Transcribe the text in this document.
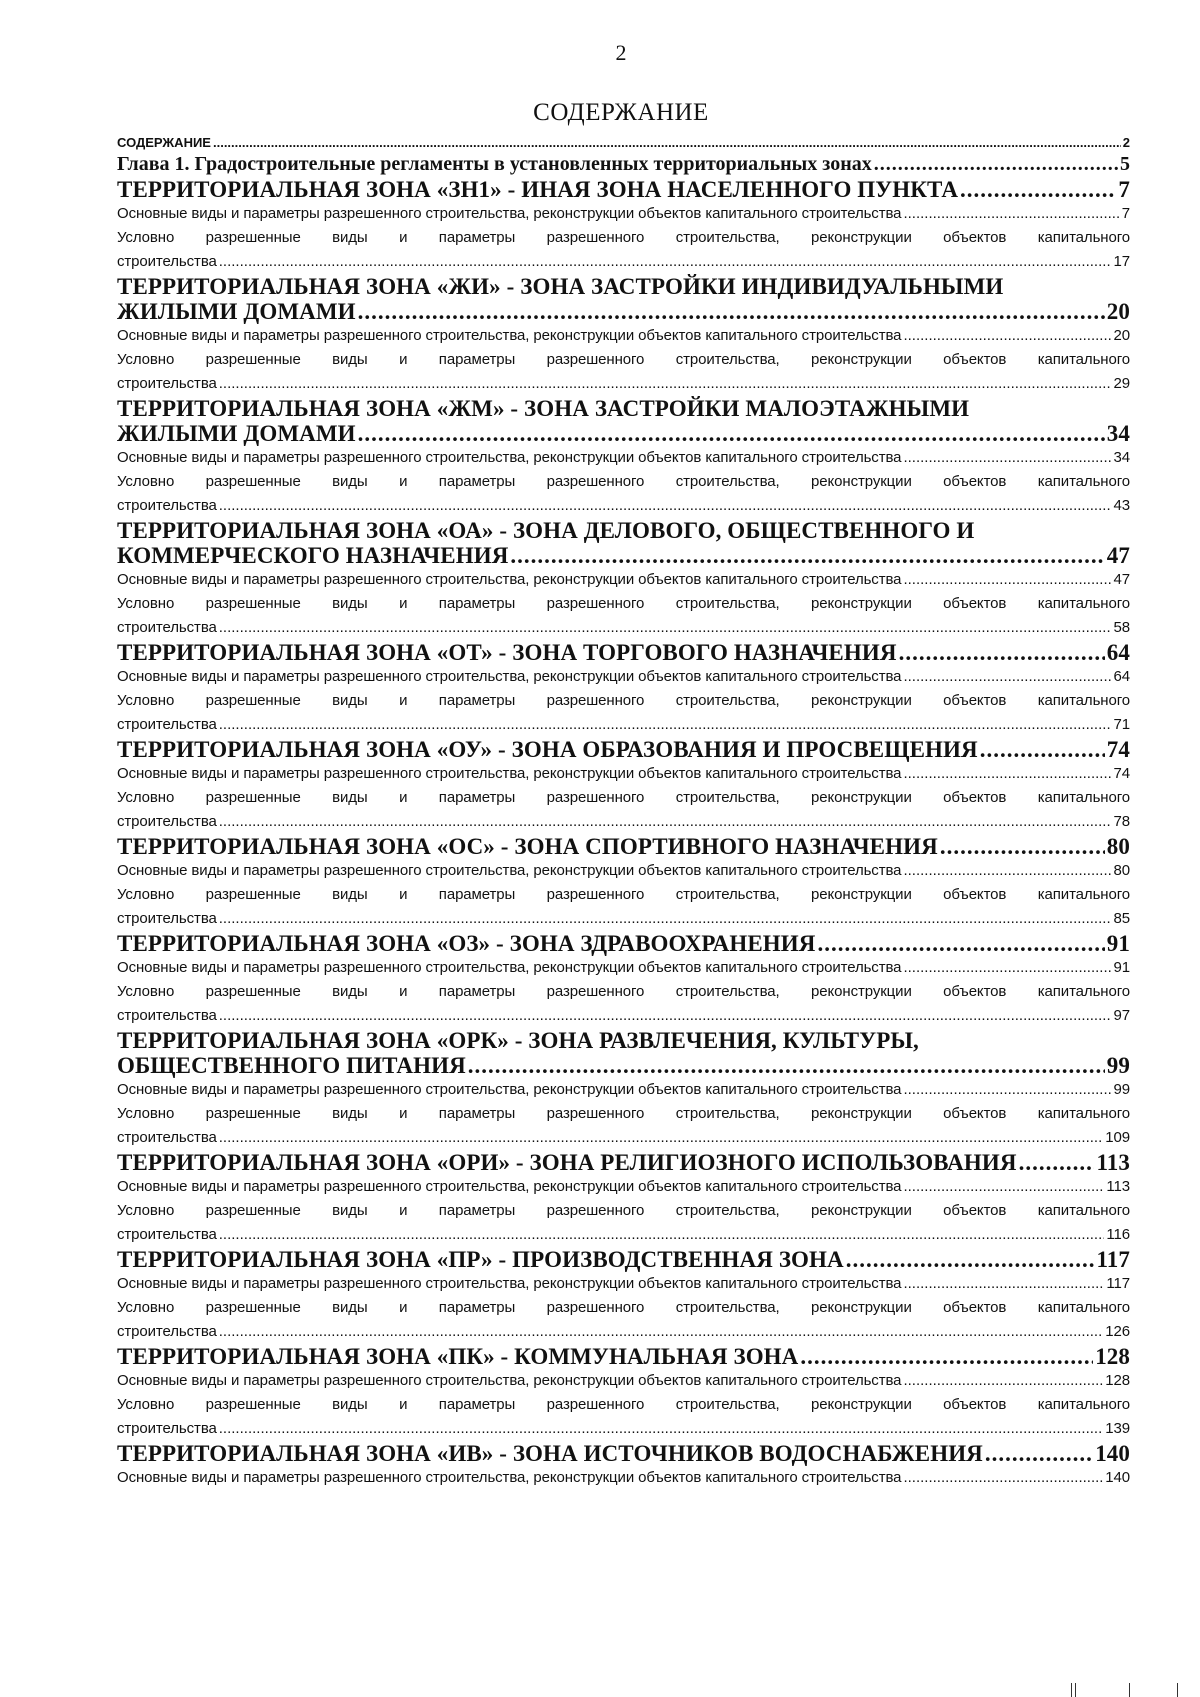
2
СОДЕРЖАНИЕ
СОДЕРЖАНИЕ .....	2
Глава 1. Градостроительные регламенты в установленных территориальных зонах .....	5
ТЕРРИТОРИАЛЬНАЯ ЗОНА «ЗН1» - ИНАЯ ЗОНА НАСЕЛЕННОГО ПУНКТА .....	7
Основные виды и параметры разрешенного строительства, реконструкции объектов капитального строительства .....	7
Условно разрешенные виды и параметры разрешенного строительства, реконструкции объектов капитального
строительства .....	17
ТЕРРИТОРИАЛЬНАЯ ЗОНА «ЖИ» - ЗОНА ЗАСТРОЙКИ ИНДИВИДУАЛЬНЫМИ
ЖИЛЫМИ ДОМАМИ .....	20
Основные виды и параметры разрешенного строительства, реконструкции объектов капитального строительства .....	20
Условно разрешенные виды и параметры разрешенного строительства, реконструкции объектов капитального
строительства .....	29
ТЕРРИТОРИАЛЬНАЯ ЗОНА «ЖМ» - ЗОНА ЗАСТРОЙКИ МАЛОЭТАЖНЫМИ
ЖИЛЫМИ ДОМАМИ .....	34
Основные виды и параметры разрешенного строительства, реконструкции объектов капитального строительства .....	34
Условно разрешенные виды и параметры разрешенного строительства, реконструкции объектов капитального
строительства .....	43
ТЕРРИТОРИАЛЬНАЯ ЗОНА «ОА» - ЗОНА ДЕЛОВОГО, ОБЩЕСТВЕННОГО И
КОММЕРЧЕСКОГО НАЗНАЧЕНИЯ .....	47
Основные виды и параметры разрешенного строительства, реконструкции объектов капитального строительства .....	47
Условно разрешенные виды и параметры разрешенного строительства, реконструкции объектов капитального
строительства .....	58
ТЕРРИТОРИАЛЬНАЯ ЗОНА «ОТ» - ЗОНА ТОРГОВОГО НАЗНАЧЕНИЯ .....	64
Основные виды и параметры разрешенного строительства, реконструкции объектов капитального строительства .....	64
Условно разрешенные виды и параметры разрешенного строительства, реконструкции объектов капитального
строительства .....	71
ТЕРРИТОРИАЛЬНАЯ ЗОНА «ОУ» - ЗОНА ОБРАЗОВАНИЯ И ПРОСВЕЩЕНИЯ .....	74
Основные виды и параметры разрешенного строительства, реконструкции объектов капитального строительства .....	74
Условно разрешенные виды и параметры разрешенного строительства, реконструкции объектов капитального
строительства .....	78
ТЕРРИТОРИАЛЬНАЯ ЗОНА «ОС» - ЗОНА СПОРТИВНОГО НАЗНАЧЕНИЯ .....	80
Основные виды и параметры разрешенного строительства, реконструкции объектов капитального строительства .....	80
Условно разрешенные виды и параметры разрешенного строительства, реконструкции объектов капитального
строительства .....	85
ТЕРРИТОРИАЛЬНАЯ ЗОНА «ОЗ» - ЗОНА ЗДРАВООХРАНЕНИЯ .....	91
Основные виды и параметры разрешенного строительства, реконструкции объектов капитального строительства .....	91
Условно разрешенные виды и параметры разрешенного строительства, реконструкции объектов капитального
строительства .....	97
ТЕРРИТОРИАЛЬНАЯ ЗОНА «ОРК» - ЗОНА РАЗВЛЕЧЕНИЯ, КУЛЬТУРЫ,
ОБЩЕСТВЕННОГО ПИТАНИЯ .....	99
Основные виды и параметры разрешенного строительства, реконструкции объектов капитального строительства .....	99
Условно разрешенные виды и параметры разрешенного строительства, реконструкции объектов капитального
строительства .....	109
ТЕРРИТОРИАЛЬНАЯ ЗОНА «ОРИ» - ЗОНА РЕЛИГИОЗНОГО ИСПОЛЬЗОВАНИЯ .....	113
Основные виды и параметры разрешенного строительства, реконструкции объектов капитального строительства .....	113
Условно разрешенные виды и параметры разрешенного строительства, реконструкции объектов капитального
строительства .....	116
ТЕРРИТОРИАЛЬНАЯ ЗОНА «ПР» - ПРОИЗВОДСТВЕННАЯ ЗОНА .....	117
Основные виды и параметры разрешенного строительства, реконструкции объектов капитального строительства .....	117
Условно разрешенные виды и параметры разрешенного строительства, реконструкции объектов капитального
строительства .....	126
ТЕРРИТОРИАЛЬНАЯ ЗОНА «ПК» - КОММУНАЛЬНАЯ ЗОНА .....	128
Основные виды и параметры разрешенного строительства, реконструкции объектов капитального строительства .....	128
Условно разрешенные виды и параметры разрешенного строительства, реконструкции объектов капитального
строительства .....	139
ТЕРРИТОРИАЛЬНАЯ ЗОНА «ИВ» - ЗОНА ИСТОЧНИКОВ ВОДОСНАБЖЕНИЯ .....	140
Основные виды и параметры разрешенного строительства, реконструкции объектов капитального строительства .....	140
